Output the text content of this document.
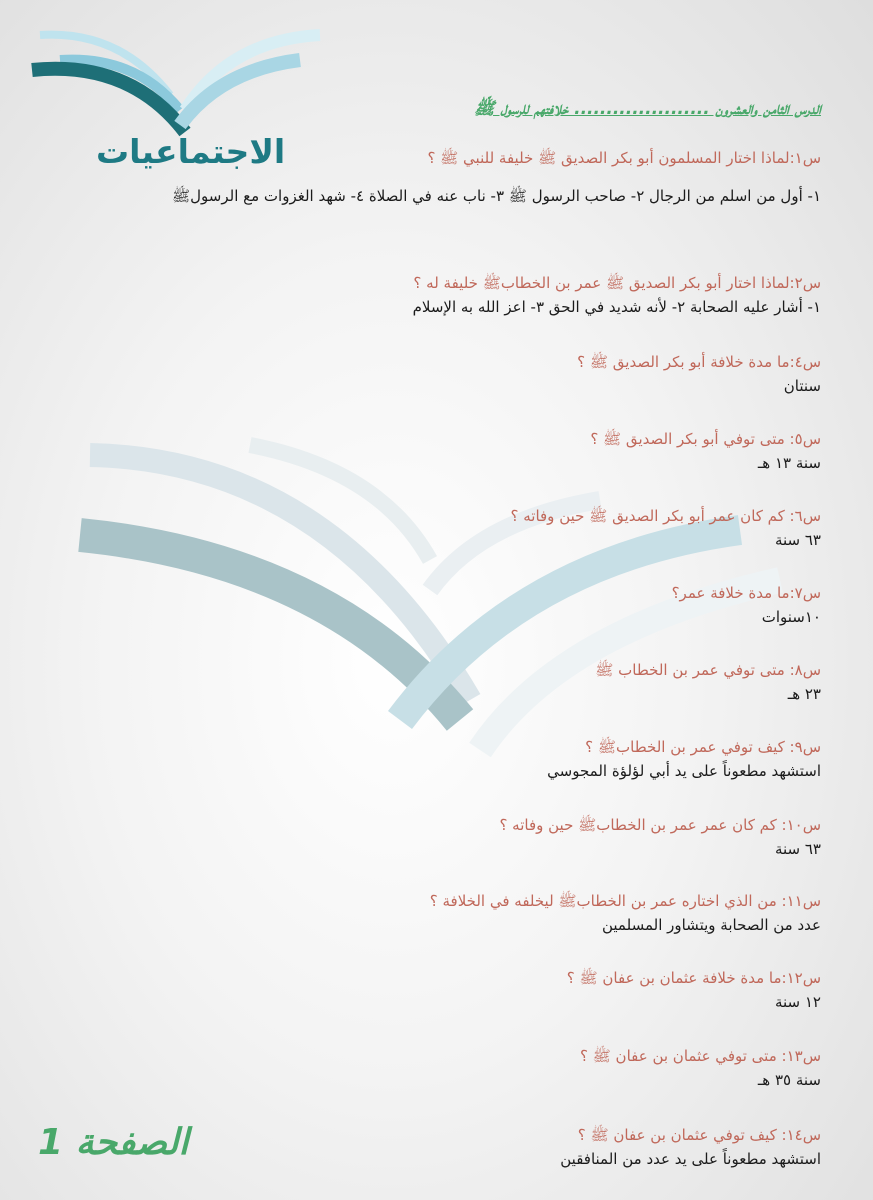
الاجتماعيات
الدرس الثامن والعشرون ..................... خلافتهم للرسول ﷺ
س١:لماذا اختار المسلمون أبو بكر الصديق ﷺ خليفة للنبي ﷺ ؟
١- أول من اسلم من الرجال ٢- صاحب الرسول ﷺ ٣- ناب عنه في الصلاة ٤- شهد الغزوات مع الرسولﷺ
س٢:لماذا اختار أبو بكر الصديق ﷺ عمر بن الخطابﷺ خليفة له ؟
١- أشار عليه الصحابة ٢- لأنه شديد في الحق ٣- اعز الله به الإسلام
س٤:ما مدة خلافة أبو بكر الصديق ﷺ ؟
سنتان
س٥: متى توفي أبو بكر الصديق ﷺ ؟
سنة ١٣ هـ
س٦: كم كان عمر أبو بكر الصديق ﷺ حين وفاته ؟
٦٣ سنة
س٧:ما مدة خلافة عمر؟
١٠سنوات
س٨: متى توفي عمر بن الخطاب ﷺ
٢٣ هـ
س٩: كيف توفي عمر بن الخطابﷺ ؟
استشهد مطعوناً على يد أبي لؤلؤة المجوسي
س١٠: كم كان عمر عمر بن الخطابﷺ حين وفاته ؟
٦٣ سنة
س١١: من الذي اختاره عمر بن الخطابﷺ ليخلفه في الخلافة ؟
عدد من الصحابة ويتشاور المسلمين
س١٢:ما مدة خلافة عثمان بن عفان ﷺ ؟
١٢ سنة
س١٣: متى توفي عثمان بن عفان ﷺ ؟
سنة ٣٥ هـ
س١٤: كيف توفي عثمان بن عفان ﷺ ؟
استشهد مطعوناً على يد عدد من المنافقين
الصفحة 1
